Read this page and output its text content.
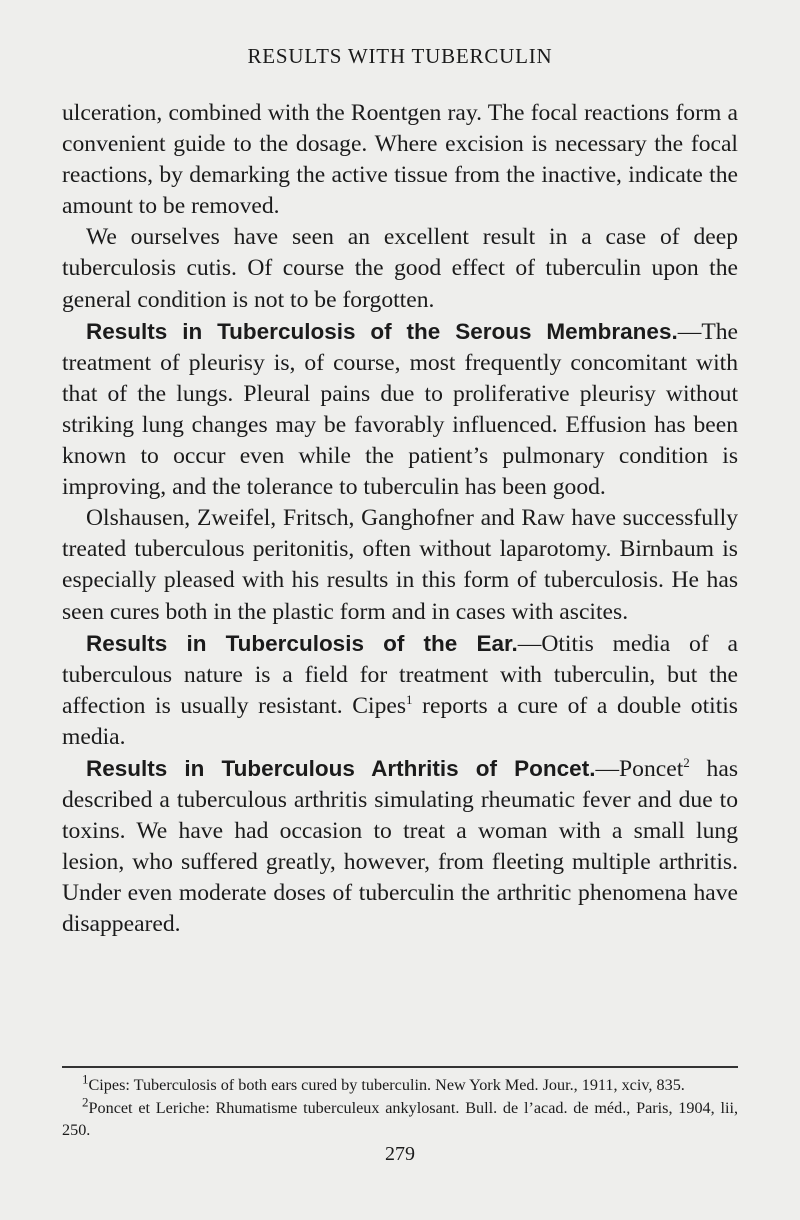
RESULTS WITH TUBERCULIN

ulceration, combined with the Roentgen ray. The focal reactions form a convenient guide to the dosage. Where excision is necessary the focal reactions, by demarking the active tissue from the inactive, indicate the amount to be removed.

We ourselves have seen an excellent result in a case of deep tuberculosis cutis. Of course the good effect of tuberculin upon the general condition is not to be forgotten.

Results in Tuberculosis of the Serous Membranes.—The treatment of pleurisy is, of course, most frequently concomitant with that of the lungs. Pleural pains due to proliferative pleurisy without striking lung changes may be favorably influenced. Effusion has been known to occur even while the patient’s pulmonary condition is improving, and the tolerance to tuberculin has been good.

Olshausen, Zweifel, Fritsch, Ganghofner and Raw have successfully treated tuberculous peritonitis, often without laparotomy. Birnbaum is especially pleased with his results in this form of tuberculosis. He has seen cures both in the plastic form and in cases with ascites.

Results in Tuberculosis of the Ear.—Otitis media of a tuberculous nature is a field for treatment with tuberculin, but the affection is usually resistant. Cipes$^1$ reports a cure of a double otitis media.

Results in Tuberculous Arthritis of Poncet.—Poncet$^2$ has described a tuberculous arthritis simulating rheumatic fever and due to toxins. We have had occasion to treat a woman with a small lung lesion, who suffered greatly, however, from fleeting multiple arthritis. Under even moderate doses of tuberculin the arthritic phenomena have disappeared.

$^1$Cipes: Tuberculosis of both ears cured by tuberculin. New York Med. Jour., 1911, xciv, 835.

$^2$Poncet et Leriche: Rhumatisme tuberculeux ankylosant. Bull. de l’acad. de méd., Paris, 1904, lii, 250.

279
